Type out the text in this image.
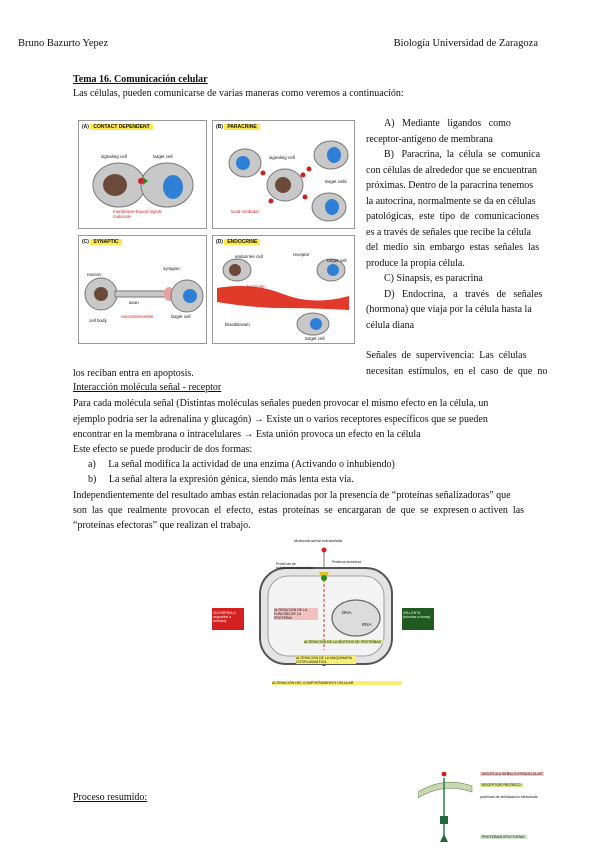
Bruno Bazurto Yepez	Biología Universidad de Zaragoza
Tema 16. Comunicación celular
Las células, pueden comunicarse de varias maneras como veremos a continuación:
(A) CONTACT DEPENDENT
signaling cell	target cell
membrane-bound signal molecule
(B) PARACRINE
signaling cell
target cells
local mediator
(C) SYNAPTIC
neuron
axon
cell body
synapse
neurotransmitter	target cell
(D) ENDOCRINE
endocrine cell	receptor
target cell
hormone
bloodstream
target cell
A)   Mediante   ligandos   como
receptor-antígeno de membrana
B)   Paracrina,  la  célula  se  comunica
con células de alrededor que se encuentran
próximas. Dentro de la paracrina tenemos
la autocrina, normalmente se da en células
patológicas,  este  tipo  de  comunicaciones
es a través de señales que recibe la célula
del  medio  sin  embargo  estas  señales  las
produce la propia célula.
C) Sinapsis, es paracrina
D)   Endocrina,   a   través   de   señales
(hormona) que viaja por la célula hasta la
célula diana
Señales  de  supervivencia:  Las  células
necesitan  estímulos,  en  el  caso  de  que  no
los reciban entra en apoptosis.
Interacción molécula señal - receptor
Para cada molécula señal (Distintas moléculas señales pueden provocar el mismo efecto en la célula, un
ejemplo podría ser la adrenalina y glucagón) → Existe un o varios receptores específicos que se pueden
encontrar en la membrana o intracelulares → Esta unión provoca un efecto en la célula
Este efecto se puede producir de dos formas:
a) La señal modifica la actividad de una enzima (Activando o inhubiendo)
b) La señal altera la expresión génica, siendo más lenta esta vía.
Independientemente del resultado ambas están relacionadas por la presencia de “proteínas señalizadoras” que
son  las  que  realmente  provocan  el  efecto,  estas  proteínas  se  encargaran  de  que  se  expresen o activen  las
“proteínas efectoras” que realizan el trabajo.
Molécula señal extracelular
VÍA RÁPIDA (< segundos a minutos)
VÍA LENTA (minutos a horas)
Proteína receptora
Proteínas de señalización intracelular
ALTERACIÓN DE LA FUNCIÓN DE LA PROTEÍNA
ALTERACIÓN DE LA SÍNTESIS DE PROTEÍNAS
ALTERACIÓN DE LA MAQUINARIA CITOPLASMÁTICA
DNA
RNA
ALTERACIÓN DEL COMPORTAMIENTO CELULAR
Proceso resumido:
MOLÉCULA SEÑAL EXTRACELULAR
RECEPTOR PROTEICO
proteínas de señalización intracelular
PROTEÍNAS EFECTORAS
